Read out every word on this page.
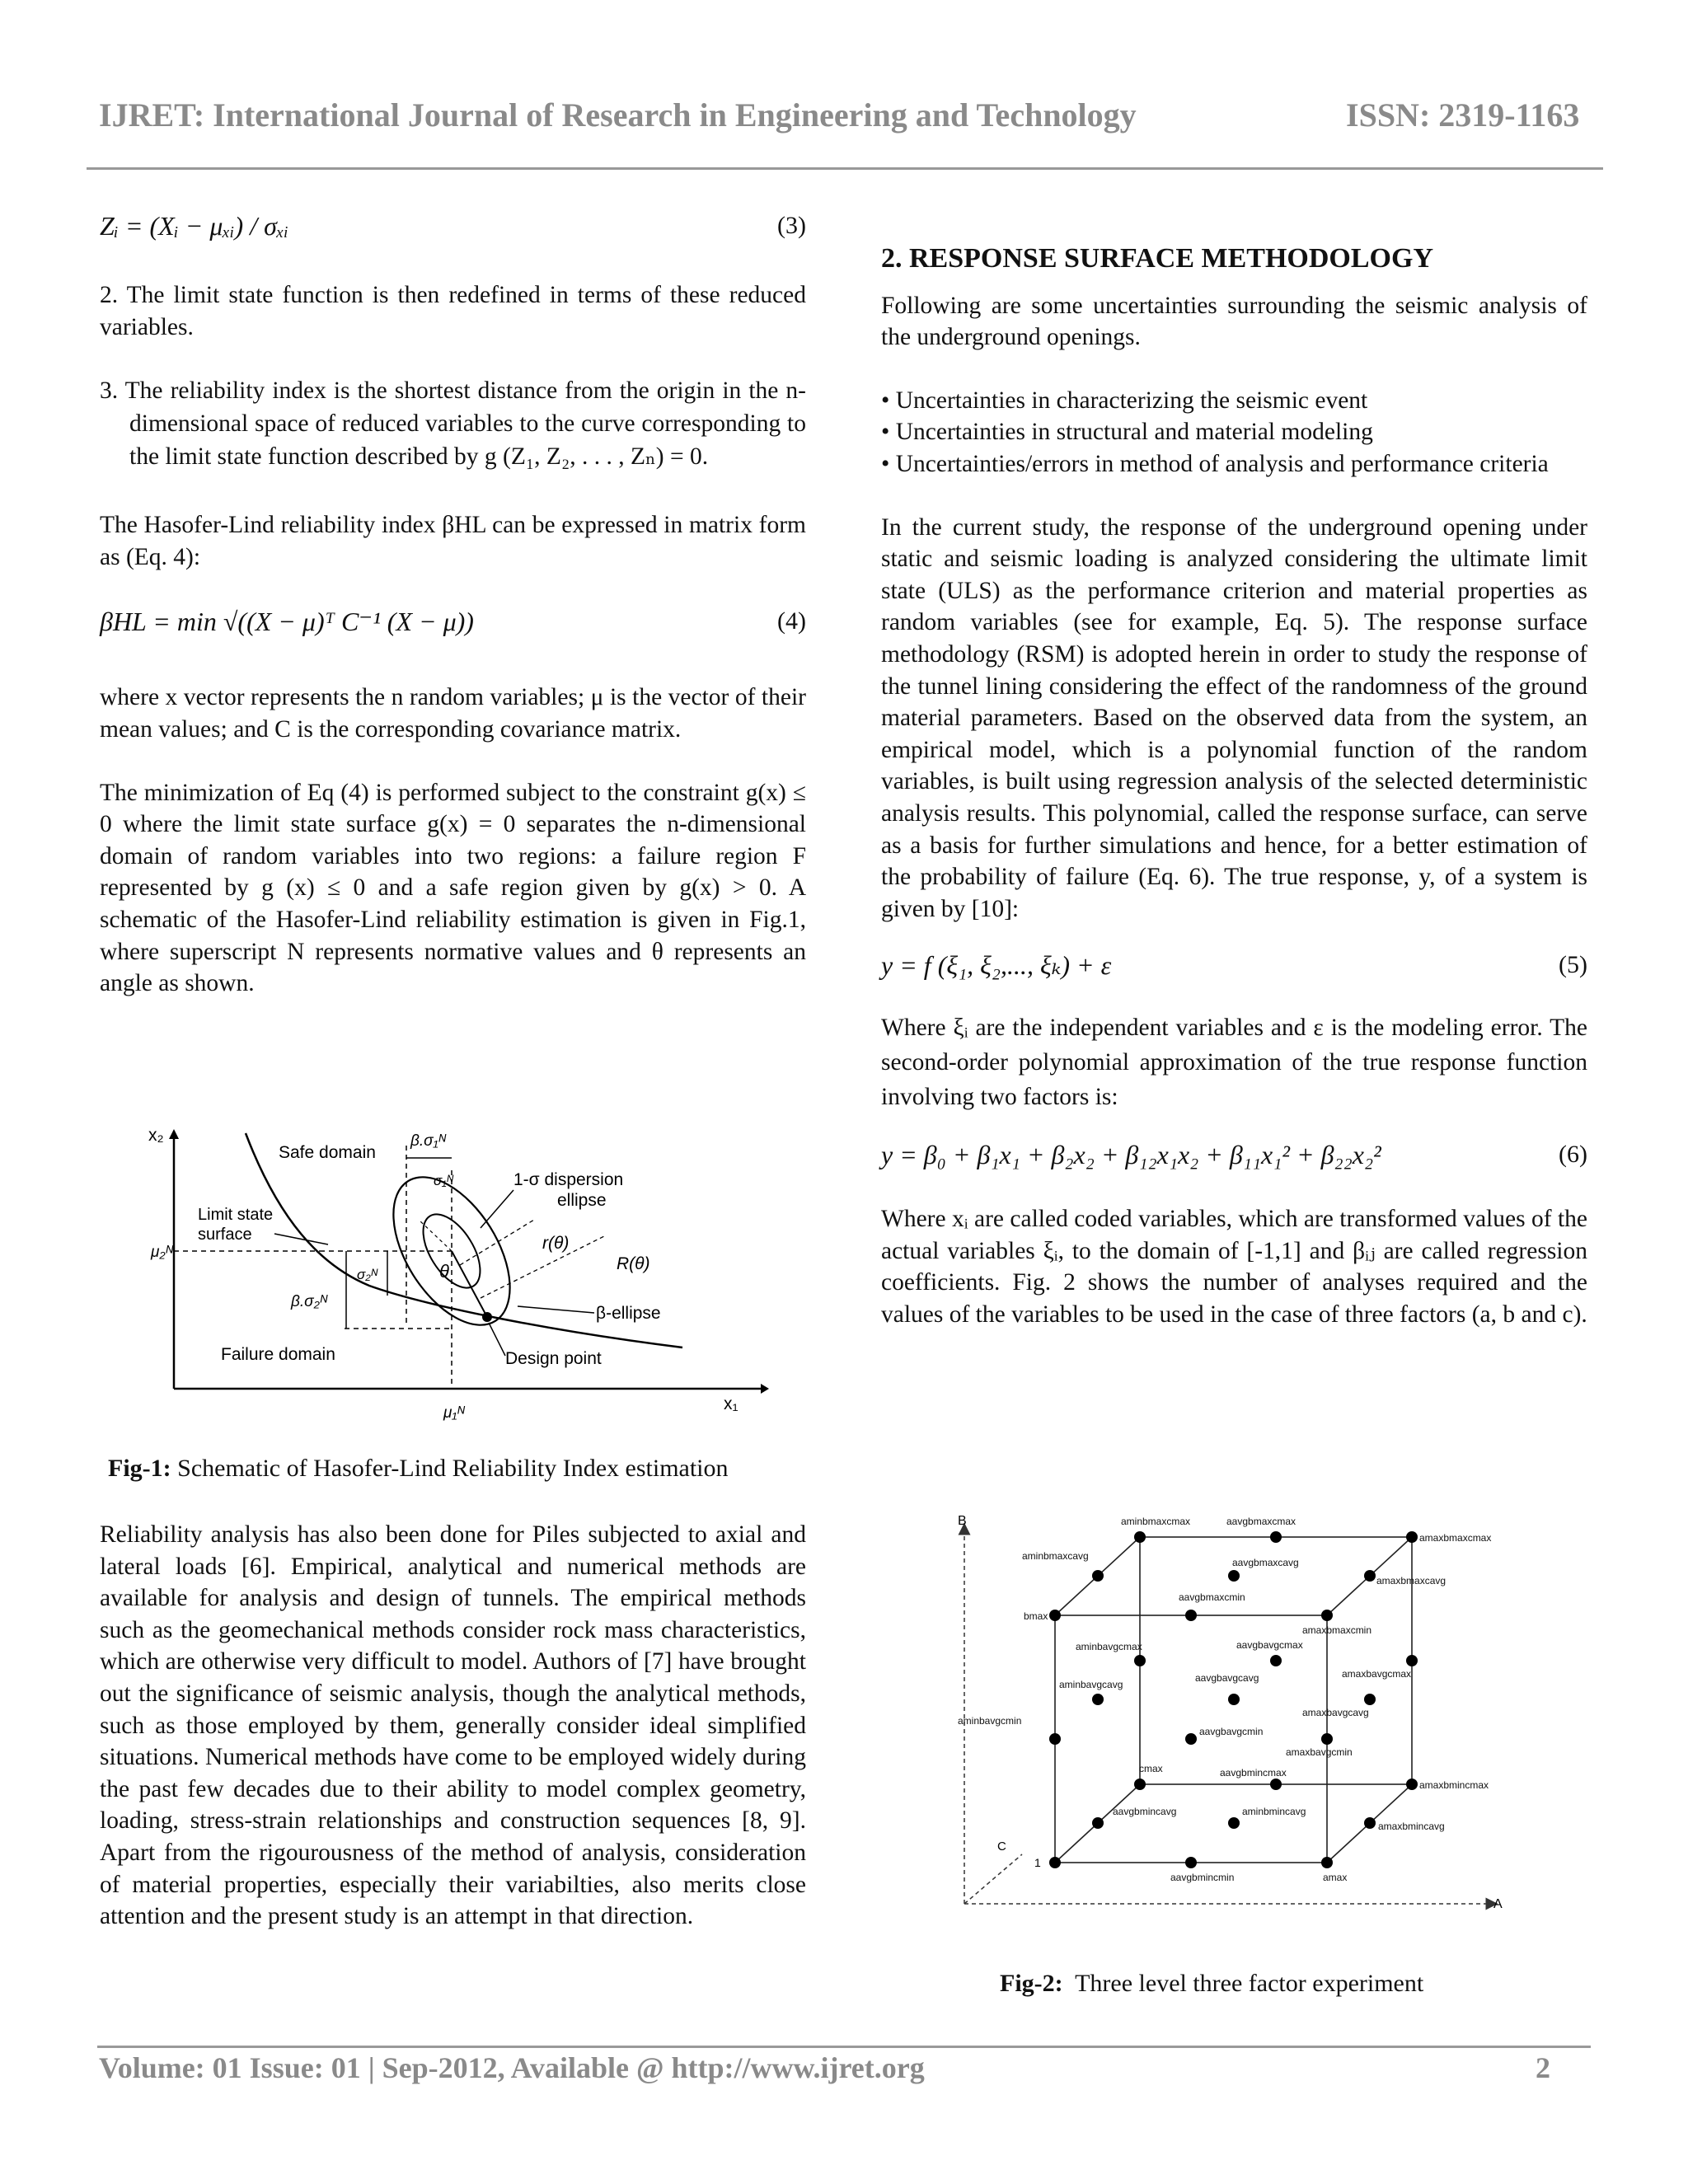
IJRET: International Journal of Research in Engineering and Technology	ISSN: 2319-1163
Zᵢ = (Xᵢ − μₓᵢ) / σₓᵢ	(3)

2. The limit state function is then redefined in terms of these reduced variables.

3. The reliability index is the shortest distance from the origin in the n-dimensional space of reduced variables to the curve corresponding to the limit state function described by g (Z₁, Z₂, . . . , Zₙ) = 0.

The Hasofer-Lind reliability index βHL can be expressed in matrix form as (Eq. 4):

βHL = min √((X − μ)ᵀ C⁻¹ (X − μ))	(4)

where x vector represents the n random variables; μ is the vector of their mean values; and C is the corresponding covariance matrix.

The minimization of Eq (4) is performed subject to the constraint g(x) ≤ 0 where the limit state surface g(x) = 0 separates the n-dimensional domain of random variables into two regions: a failure region F represented by g (x) ≤ 0 and a safe region given by g(x) > 0. A schematic of the Hasofer-Lind reliability estimation is given in Fig.1, where superscript N represents normative values and θ represents an angle as shown.

x₂
x₁
Safe domain
Limit state
surface
Failure domain	Design point
1-σ dispersion
ellipse
β-ellipse
r(θ)
R(θ)
θ
μ₂ᴺ
μ₁ᴺ
β.σ₁ᴺ
β.σ₂ᴺ
σ₁ᴺ
σ₂ᴺ
Fig-1: Schematic of Hasofer-Lind Reliability Index estimation

Reliability analysis has also been done for Piles subjected to axial and lateral loads [6]. Empirical, analytical and numerical methods are available for analysis and design of tunnels. The empirical methods such as the geomechanical methods consider rock mass characteristics, which are otherwise very difficult to model. Authors of [7] have brought out the significance of seismic analysis, though the analytical methods, such as those employed by them, generally consider ideal simplified situations. Numerical methods have come to be employed widely during the past few decades due to their ability to model complex geometry, loading, stress-strain relationships and construction sequences [8, 9]. Apart from the rigourousness of the method of analysis, consideration of material properties, especially their variabilties, also merits close attention and the present study is an attempt in that direction.

2. RESPONSE SURFACE METHODOLOGY

Following are some uncertainties surrounding the seismic analysis of the underground openings.

• Uncertainties in characterizing the seismic event

• Uncertainties in structural and material modeling

• Uncertainties/errors in method of analysis and performance criteria

In the current study, the response of the underground opening under static and seismic loading is analyzed considering the ultimate limit state (ULS) as the performance criterion and material properties as random variables (see for example, Eq. 5). The response surface methodology (RSM) is adopted herein in order to study the response of the tunnel lining considering the effect of the randomness of the ground material parameters. Based on the observed data from the system, an empirical model, which is a polynomial function of the random variables, is built using regression analysis of the selected deterministic analysis results. This polynomial, called the response surface, can serve as a basis for further simulations and hence, for a better estimation of the probability of failure (Eq. 6). The true response, y, of a system is given by [10]:

y = f (ξ₁, ξ₂,..., ξₖ) + ε	(5)

Where ξᵢ are the independent variables and ε is the modeling error. The second-order polynomial approximation of the true response function involving two factors is:

y = β₀ + β₁x₁ + β₂x₂ + β₁₂x₁x₂ + β₁₁x₁² + β₂₂x₂²	(6)

Where xᵢ are called coded variables, which are transformed values of the actual variables ξᵢ, to the domain of [-1,1] and βᵢⱼ are called regression coefficients. Fig. 2 shows the number of analyses required and the values of the variables to be used in the case of three factors (a, b and c).

B
A
C
1
aminbmaxcmax	aavgbmaxcmax
amaxbmaxcmax
aminbmaxcavg
aavgbmaxcavg
amaxbmaxcavg
aavgbmaxcmin
bmax
amaxbmaxcmin
aminbavgcmax	aavgbavgcmax
amaxbavgcmax
aminbavgcavg
aavgbavgcavg
amaxbavgcavg
aminbavgcmin
aavgbavgcmin
amaxbavgcmin
cmax	aavgbmincmax
aavgbmincavg	aminbmincavg
amaxbmincmax
amaxbmincavg
aavgbmincmin	amax
Fig-2:  Three level three factor experiment
Volume: 01 Issue: 01 | Sep-2012, Available @ http://www.ijret.org	2
